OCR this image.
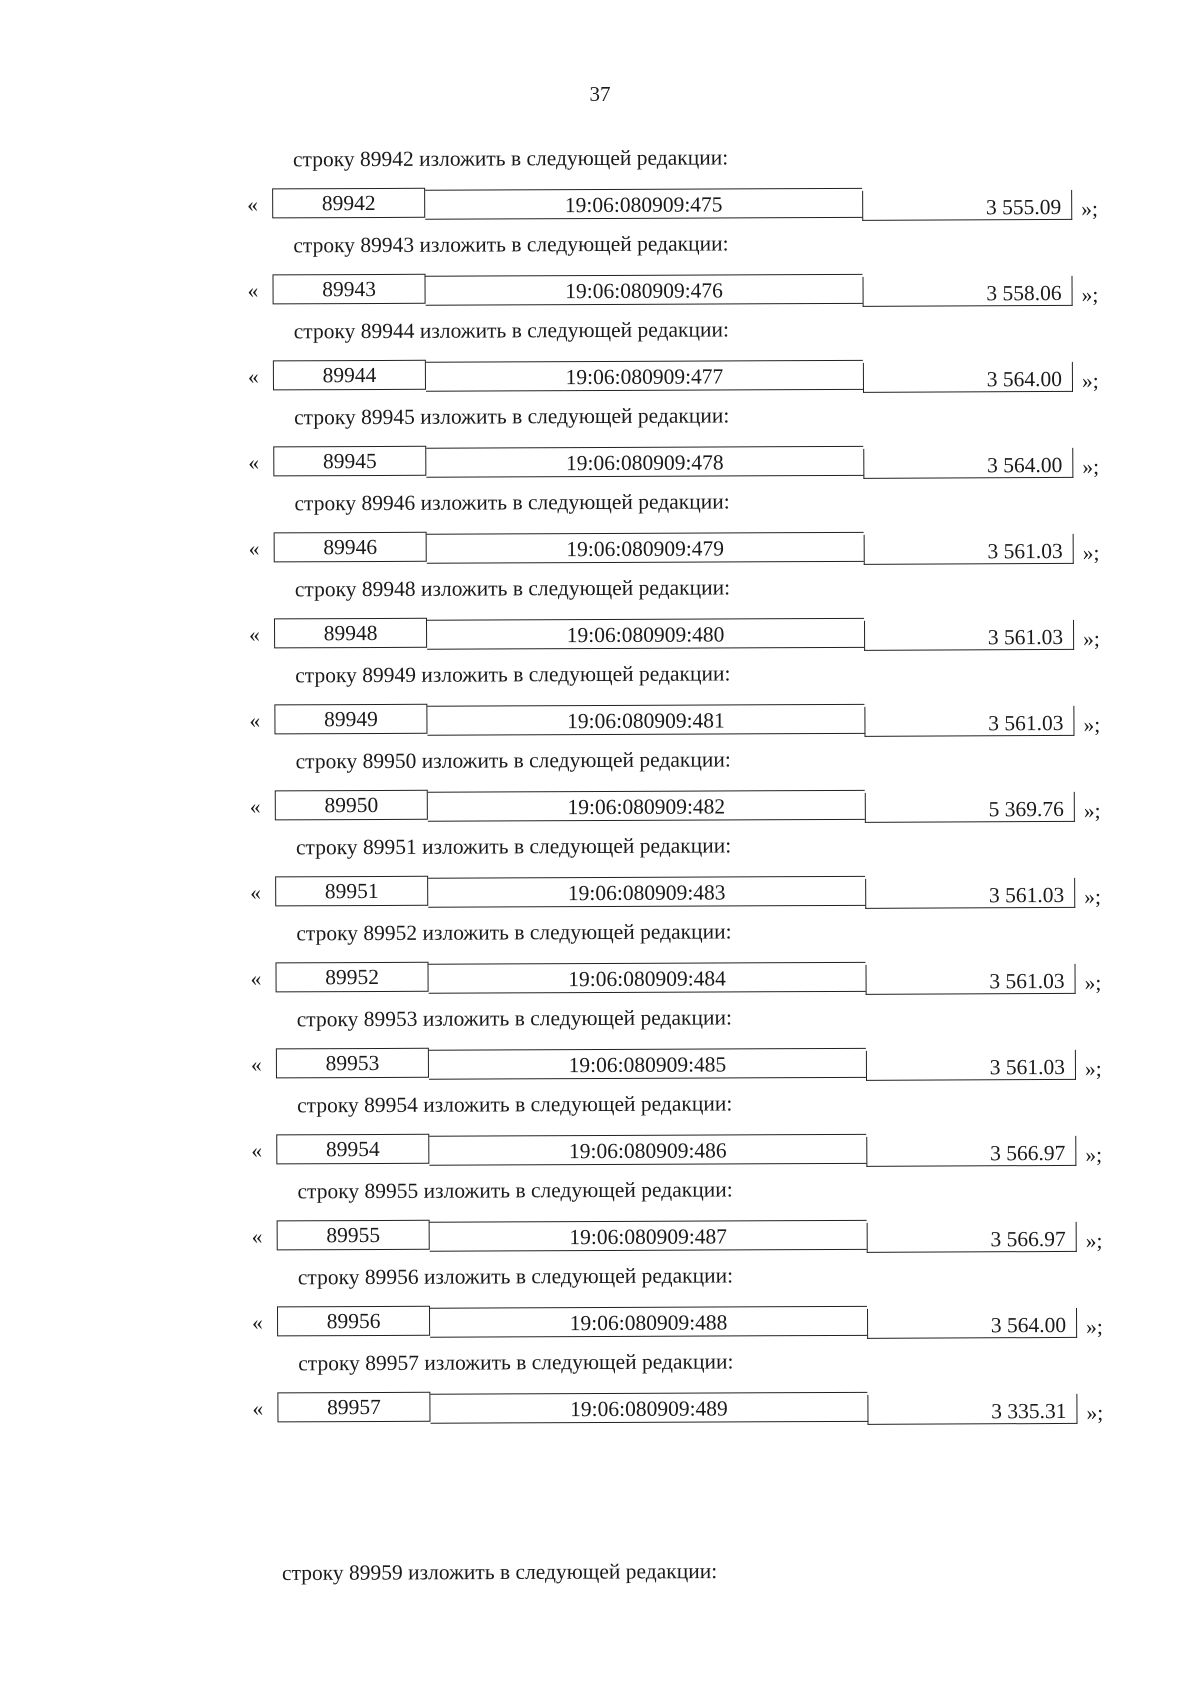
37
строку 89942 изложить в следующей редакции:
«	89942	19:06:080909:475	3 555.09 »;
строку 89943 изложить в следующей редакции:
«	89943	19:06:080909:476	3 558.06 »;
строку 89944 изложить в следующей редакции:
«	89944	19:06:080909:477	3 564.00 »;
строку 89945 изложить в следующей редакции:
«	89945	19:06:080909:478	3 564.00 »;
строку 89946 изложить в следующей редакции:
«	89946	19:06:080909:479	3 561.03 »;
строку 89948 изложить в следующей редакции:
«	89948	19:06:080909:480	3 561.03 »;
строку 89949 изложить в следующей редакции:
«	89949	19:06:080909:481	3 561.03 »;
строку 89950 изложить в следующей редакции:
«	89950	19:06:080909:482	5 369.76 »;
строку 89951 изложить в следующей редакции:
«	89951	19:06:080909:483	3 561.03 »;
строку 89952 изложить в следующей редакции:
«	89952	19:06:080909:484	3 561.03 »;
строку 89953 изложить в следующей редакции:
«	89953	19:06:080909:485	3 561.03 »;
строку 89954 изложить в следующей редакции:
«	89954	19:06:080909:486	3 566.97 »;
строку 89955 изложить в следующей редакции:
«	89955	19:06:080909:487	3 566.97 »;
строку 89956 изложить в следующей редакции:
«	89956	19:06:080909:488	3 564.00 »;
строку 89957 изложить в следующей редакции:
«	89957	19:06:080909:489	3 335.31 »;
строку 89959 изложить в следующей редакции:
